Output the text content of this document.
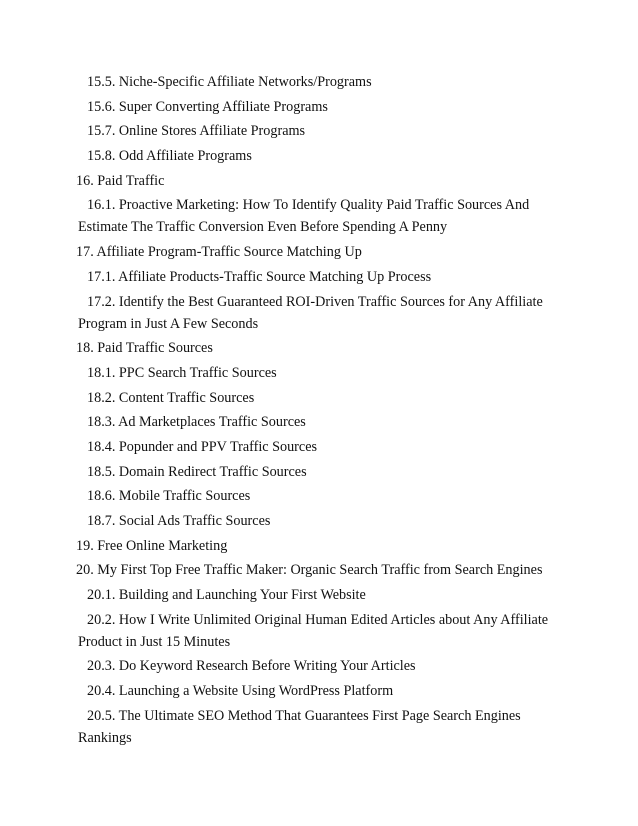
15.5. Niche-Specific Affiliate Networks/Programs
15.6. Super Converting Affiliate Programs
15.7. Online Stores Affiliate Programs
15.8. Odd Affiliate Programs
16. Paid Traffic
16.1. Proactive Marketing: How To Identify Quality Paid Traffic Sources And Estimate The Traffic Conversion Even Before Spending A Penny
17. Affiliate Program-Traffic Source Matching Up
17.1. Affiliate Products-Traffic Source Matching Up Process
17.2. Identify the Best Guaranteed ROI-Driven Traffic Sources for Any Affiliate Program in Just A Few Seconds
18. Paid Traffic Sources
18.1. PPC Search Traffic Sources
18.2. Content Traffic Sources
18.3. Ad Marketplaces Traffic Sources
18.4. Popunder and PPV Traffic Sources
18.5. Domain Redirect Traffic Sources
18.6. Mobile Traffic Sources
18.7. Social Ads Traffic Sources
19. Free Online Marketing
20. My First Top Free Traffic Maker: Organic Search Traffic from Search Engines
20.1. Building and Launching Your First Website
20.2. How I Write Unlimited Original Human Edited Articles about Any Affiliate Product in Just 15 Minutes
20.3. Do Keyword Research Before Writing Your Articles
20.4. Launching a Website Using WordPress Platform
20.5. The Ultimate SEO Method That Guarantees First Page Search Engines Rankings
